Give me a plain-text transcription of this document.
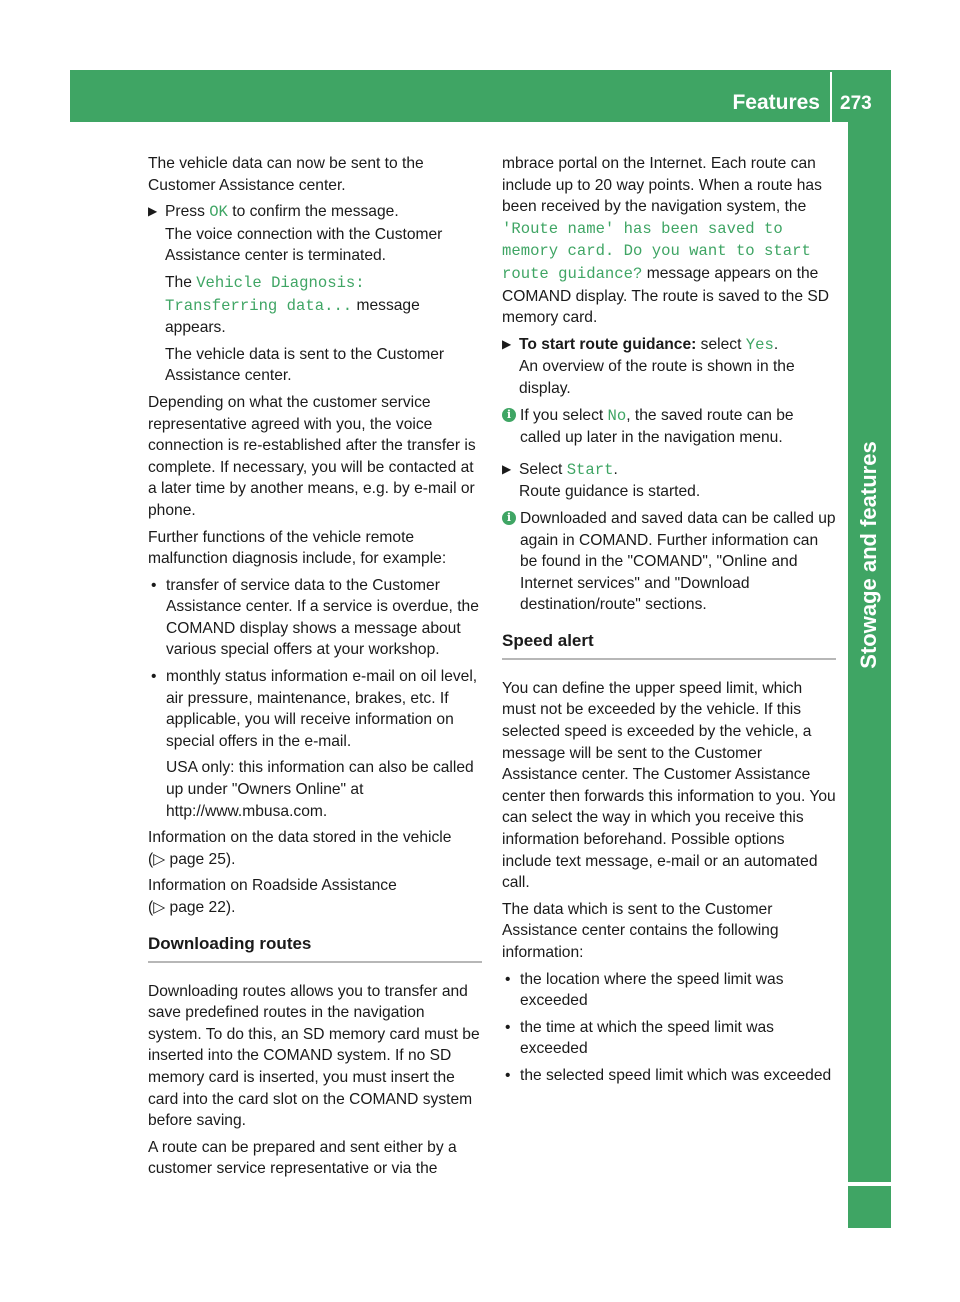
Features 273
Stowage and features

The vehicle data can now be sent to the Customer Assistance center.

▶ Press OK to confirm the message.
The voice connection with the Customer Assistance center is terminated.
The Vehicle Diagnosis: Transferring data... message appears.
The vehicle data is sent to the Customer Assistance center.

Depending on what the customer service representative agreed with you, the voice connection is re-established after the transfer is complete. If necessary, you will be contacted at a later time by another means, e.g. by e-mail or phone.

Further functions of the vehicle remote malfunction diagnosis include, for example:

• transfer of service data to the Customer Assistance center. If a service is overdue, the COMAND display shows a message about various special offers at your workshop.
• monthly status information e-mail on oil level, air pressure, maintenance, brakes, etc. If applicable, you will receive information on special offers in the e-mail.
USA only: this information can also be called up under "Owners Online" at http://www.mbusa.com.

Information on the data stored in the vehicle
(▷ page 25).

Information on Roadside Assistance
(▷ page 22).

Downloading routes

Downloading routes allows you to transfer and save predefined routes in the navigation system. To do this, an SD memory card must be inserted into the COMAND system. If no SD memory card is inserted, you must insert the card into the card slot on the COMAND system before saving.

A route can be prepared and sent either by a customer service representative or via the

mbrace portal on the Internet. Each route can include up to 20 way points. When a route has been received by the navigation system, the 'Route name' has been saved to memory card. Do you want to start route guidance? message appears on the COMAND display. The route is saved to the SD memory card.

▶ To start route guidance: select Yes.
An overview of the route is shown in the display.
i If you select No, the saved route can be called up later in the navigation menu.
▶ Select Start.
Route guidance is started.
i Downloaded and saved data can be called up again in COMAND. Further information can be found in the "COMAND", "Online and Internet services" and "Download destination/route" sections.
Speed alert

You can define the upper speed limit, which must not be exceeded by the vehicle. If this selected speed is exceeded by the vehicle, a message will be sent to the Customer Assistance center. The Customer Assistance center then forwards this information to you. You can select the way in which you receive this information beforehand. Possible options include text message, e-mail or an automated call.

The data which is sent to the Customer Assistance center contains the following information:

• the location where the speed limit was exceeded
• the time at which the speed limit was exceeded
• the selected speed limit which was exceeded
